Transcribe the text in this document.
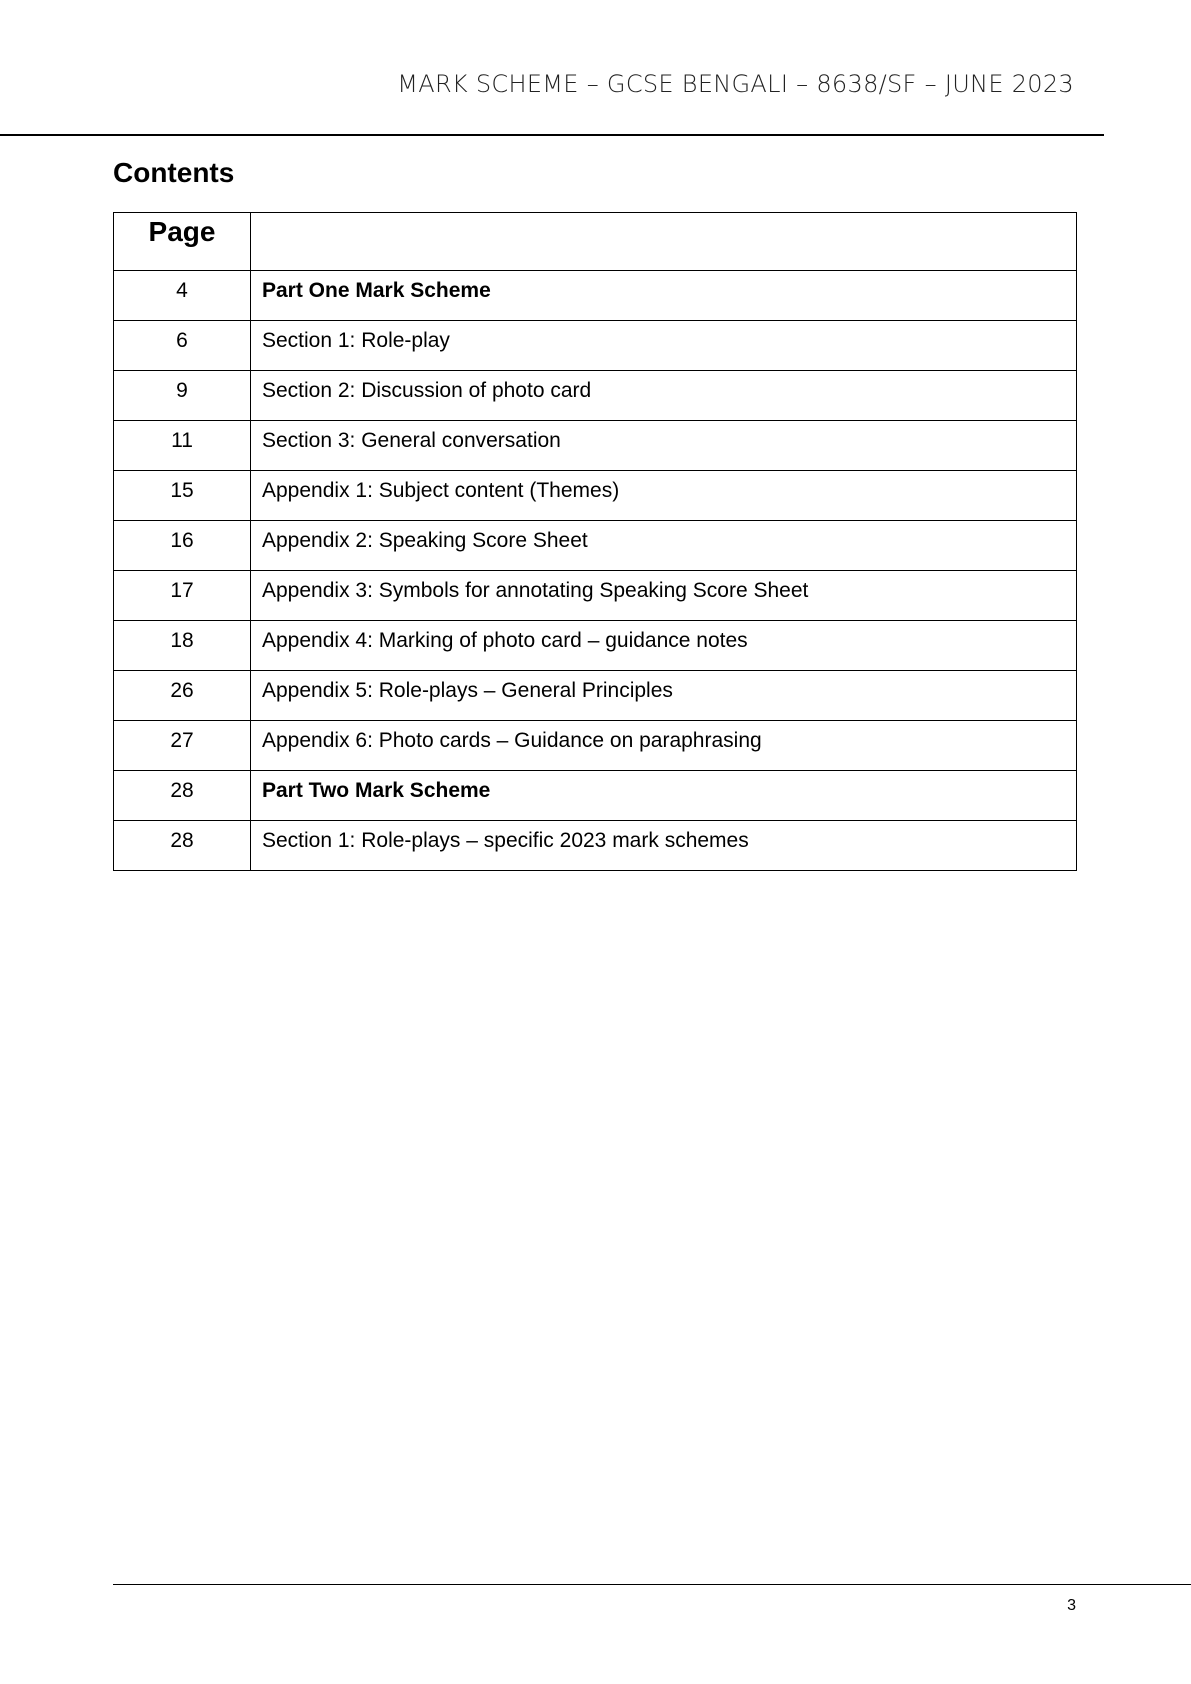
MARK SCHEME – GCSE BENGALI – 8638/SF – JUNE 2023
Contents
Page	

4	Part One Mark Scheme

6	Section 1: Role-play

9	Section 2: Discussion of photo card

11	Section 3: General conversation

15	Appendix 1: Subject content (Themes)

16	Appendix 2: Speaking Score Sheet

17	Appendix 3: Symbols for annotating Speaking Score Sheet

18	Appendix 4: Marking of photo card – guidance notes

26	Appendix 5: Role-plays – General Principles

27	Appendix 6: Photo cards – Guidance on paraphrasing

28	Part Two Mark Scheme

28	Section 1: Role-plays – specific 2023 mark schemes
3
